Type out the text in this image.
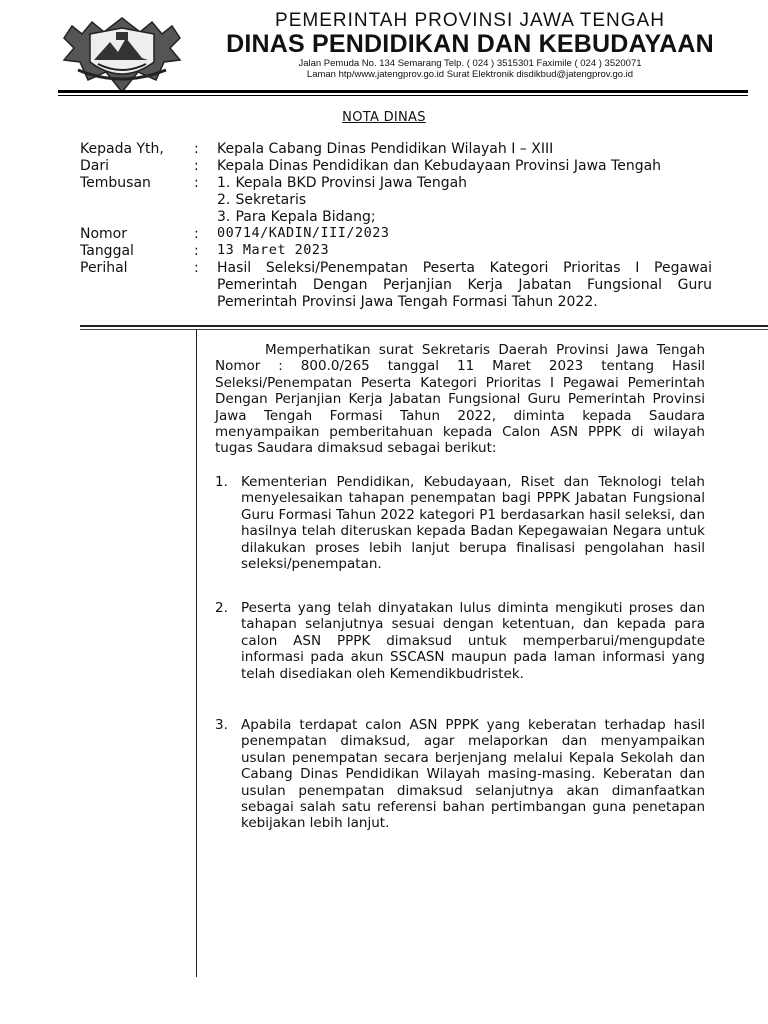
PEMERINTAH PROVINSI JAWA TENGAH
DINAS PENDIDIKAN DAN KEBUDAYAAN
Jalan Pemuda No. 134 Semarang Telp. ( 024 ) 3515301 Faximile ( 024 ) 3520071
Laman htp/www.jatengprov.go.id Surat Elektronik disdikbud@jatengprov.go.id
NOTA DINAS
Kepada Yth, : Kepala Cabang Dinas Pendidikan Wilayah I – XIII
Dari	: Kepala Dinas Pendidikan dan Kebudayaan Provinsi Jawa Tengah
Tembusan	: 1. Kepala BKD Provinsi Jawa Tengah
2. Sekretaris
3. Para Kepala Bidang;
Nomor	: 00714/KADIN/III/2023
Tanggal	: 13 Maret 2023
Perihal	: Hasil Seleksi/Penempatan Peserta Kategori Prioritas I Pegawai Pemerintah Dengan Perjanjian Kerja Jabatan Fungsional Guru Pemerintah Provinsi Jawa Tengah Formasi Tahun 2022.
Memperhatikan surat Sekretaris Daerah Provinsi Jawa Tengah Nomor : 800.0/265 tanggal 11 Maret 2023 tentang Hasil Seleksi/Penempatan Peserta Kategori Prioritas I Pegawai Pemerintah Dengan Perjanjian Kerja Jabatan Fungsional Guru Pemerintah Provinsi Jawa Tengah Formasi Tahun 2022, diminta kepada Saudara menyampaikan pemberitahuan kepada Calon ASN PPPK di wilayah tugas Saudara dimaksud sebagai berikut:
1. Kementerian Pendidikan, Kebudayaan, Riset dan Teknologi telah menyelesaikan tahapan penempatan bagi PPPK Jabatan Fungsional Guru Formasi Tahun 2022 kategori P1 berdasarkan hasil seleksi, dan hasilnya telah diteruskan kepada Badan Kepegawaian Negara untuk dilakukan proses lebih lanjut berupa finalisasi pengolahan hasil seleksi/penempatan.
2. Peserta yang telah dinyatakan lulus diminta mengikuti proses dan tahapan selanjutnya sesuai dengan ketentuan, dan kepada para calon ASN PPPK dimaksud untuk memperbarui/mengupdate informasi pada akun SSCASN maupun pada laman informasi yang telah disediakan oleh Kemendikbudristek.
3. Apabila terdapat calon ASN PPPK yang keberatan terhadap hasil penempatan dimaksud, agar melaporkan dan menyampaikan usulan penempatan secara berjenjang melalui Kepala Sekolah dan Cabang Dinas Pendidikan Wilayah masing-masing. Keberatan dan usulan penempatan dimaksud selanjutnya akan dimanfaatkan sebagai salah satu referensi bahan pertimbangan guna penetapan kebijakan lebih lanjut.
